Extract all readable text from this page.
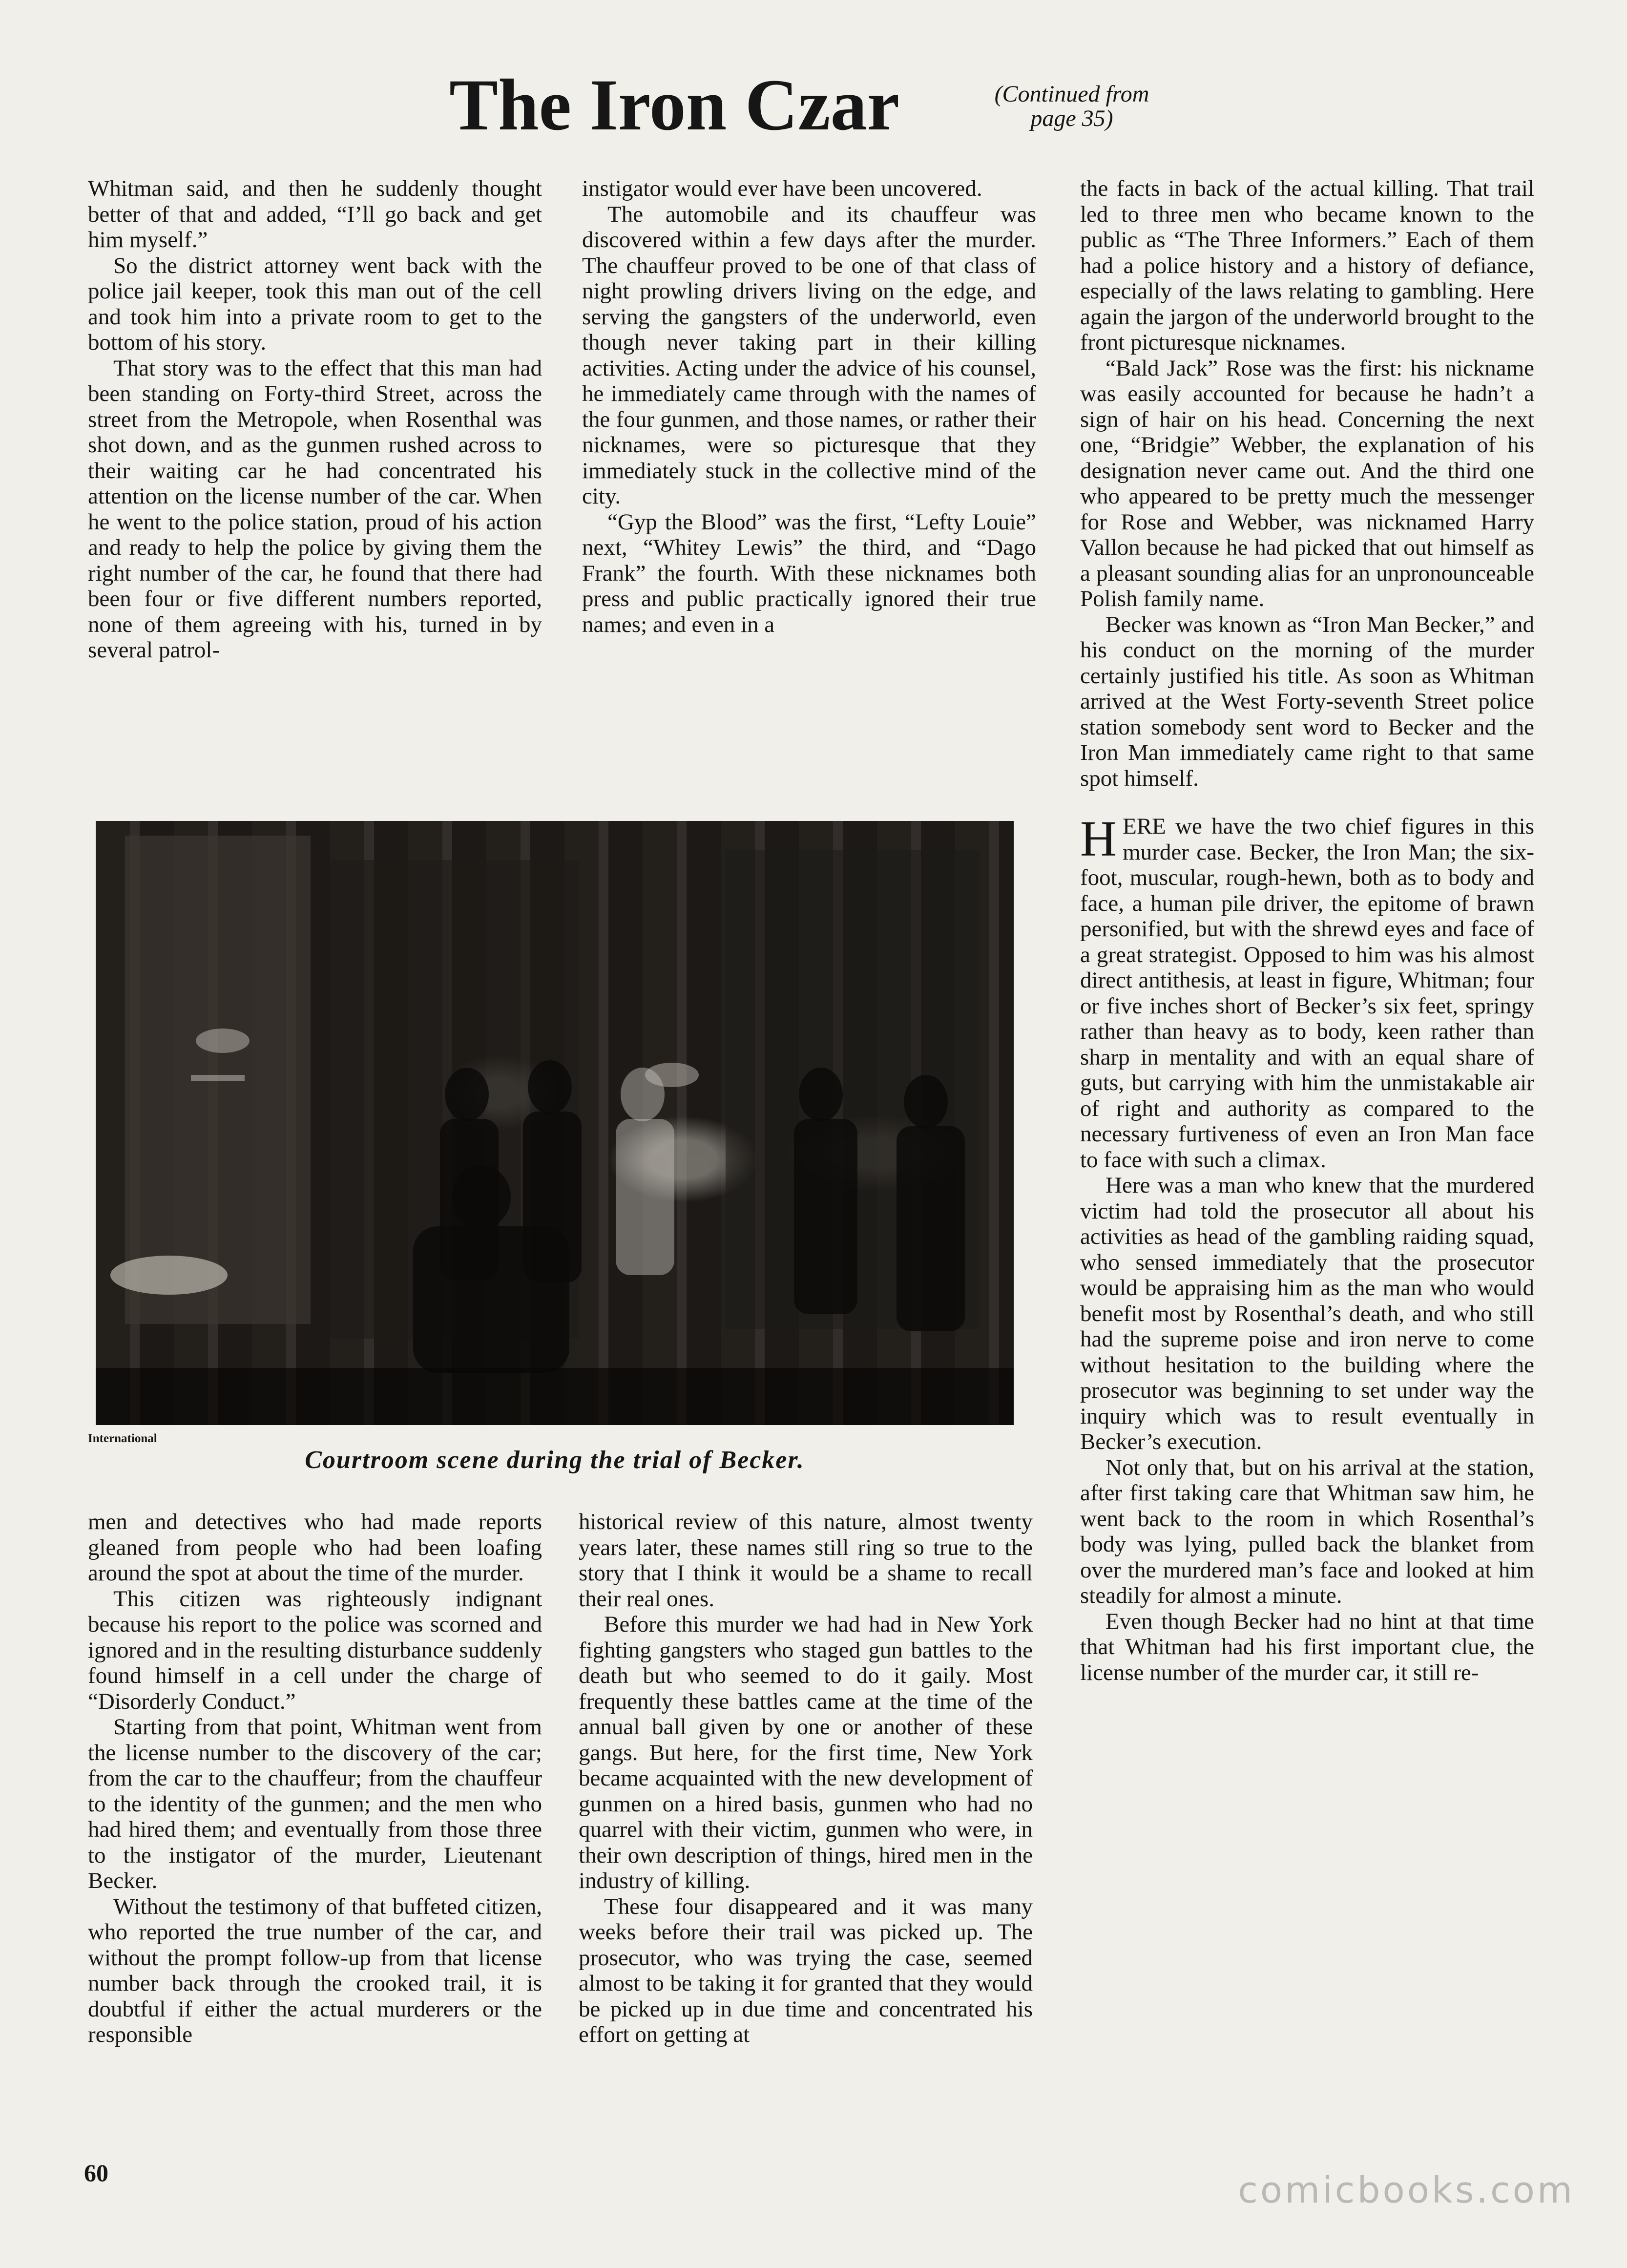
The Iron Czar	(Continued from
page 35)

Whitman said, and then he suddenly thought better of that and added, “I’ll go back and get him myself.”

So the district attorney went back with the police jail keeper, took this man out of the cell and took him into a private room to get to the bottom of his story.

That story was to the effect that this man had been standing on Forty-third Street, across the street from the Metropole, when Rosenthal was shot down, and as the gunmen rushed across to their waiting car he had concentrated his attention on the license number of the car. When he went to the police station, proud of his action and ready to help the police by giving them the right number of the car, he found that there had been four or five different numbers reported, none of them agreeing with his, turned in by several patrol-

instigator would ever have been uncovered.

The automobile and its chauffeur was discovered within a few days after the murder. The chauffeur proved to be one of that class of night prowling drivers living on the edge, and serving the gangsters of the underworld, even though never taking part in their killing activities. Acting under the advice of his counsel, he immediately came through with the names of the four gunmen, and those names, or rather their nicknames, were so picturesque that they immediately stuck in the collective mind of the city.

“Gyp the Blood” was the first, “Lefty Louie” next, “Whitey Lewis” the third, and “Dago Frank” the fourth. With these nicknames both press and public practically ignored their true names; and even in a

the facts in back of the actual killing. That trail led to three men who became known to the public as “The Three Informers.” Each of them had a police history and a history of defiance, especially of the laws relating to gambling. Here again the jargon of the underworld brought to the front picturesque nicknames.

“Bald Jack” Rose was the first: his nickname was easily accounted for because he hadn’t a sign of hair on his head. Concerning the next one, “Bridgie” Webber, the explanation of his designation never came out. And the third one who appeared to be pretty much the messenger for Rose and Webber, was nicknamed Harry Vallon because he had picked that out himself as a pleasant sounding alias for an unpronounceable Polish family name.

Becker was known as “Iron Man Becker,” and his conduct on the morning of the murder certainly justified his title. As soon as Whitman arrived at the West Forty-seventh Street police station somebody sent word to Becker and the Iron Man immediately came right to that same spot himself.

HERE we have the two chief figures in this murder case. Becker, the Iron Man; the six-foot, muscular, rough-hewn, both as to body and face, a human pile driver, the epitome of brawn personified, but with the shrewd eyes and face of a great strategist. Opposed to him was his almost direct antithesis, at least in figure, Whitman; four or five inches short of Becker’s six feet, springy rather than heavy as to body, keen rather than sharp in mentality and with an equal share of guts, but carrying with him the unmistakable air of right and authority as compared to the necessary furtiveness of even an Iron Man face to face with such a climax.

Here was a man who knew that the murdered victim had told the prosecutor all about his activities as head of the gambling raiding squad, who sensed immediately that the prosecutor would be appraising him as the man who would benefit most by Rosenthal’s death, and who still had the supreme poise and iron nerve to come without hesitation to the building where the prosecutor was beginning to set under way the inquiry which was to result eventually in Becker’s execution.

Not only that, but on his arrival at the station, after first taking care that Whitman saw him, he went back to the room in which Rosenthal’s body was lying, pulled back the blanket from over the murdered man’s face and looked at him steadily for almost a minute.

Even though Becker had no hint at that time that Whitman had his first important clue, the license number of the murder car, it still re-

International
Courtroom scene during the trial of Becker.

men and detectives who had made reports gleaned from people who had been loafing around the spot at about the time of the murder.

This citizen was righteously indignant because his report to the police was scorned and ignored and in the resulting disturbance suddenly found himself in a cell under the charge of “Disorderly Conduct.”

Starting from that point, Whitman went from the license number to the discovery of the car; from the car to the chauffeur; from the chauffeur to the identity of the gunmen; and the men who had hired them; and eventually from those three to the instigator of the murder, Lieutenant Becker.

Without the testimony of that buffeted citizen, who reported the true number of the car, and without the prompt follow-up from that license number back through the crooked trail, it is doubtful if either the actual murderers or the responsible

historical review of this nature, almost twenty years later, these names still ring so true to the story that I think it would be a shame to recall their real ones.

Before this murder we had had in New York fighting gangsters who staged gun battles to the death but who seemed to do it gaily. Most frequently these battles came at the time of the annual ball given by one or another of these gangs. But here, for the first time, New York became acquainted with the new development of gunmen on a hired basis, gunmen who had no quarrel with their victim, gunmen who were, in their own description of things, hired men in the industry of killing.

These four disappeared and it was many weeks before their trail was picked up. The prosecutor, who was trying the case, seemed almost to be taking it for granted that they would be picked up in due time and concentrated his effort on getting at

60	comicbooks.com
